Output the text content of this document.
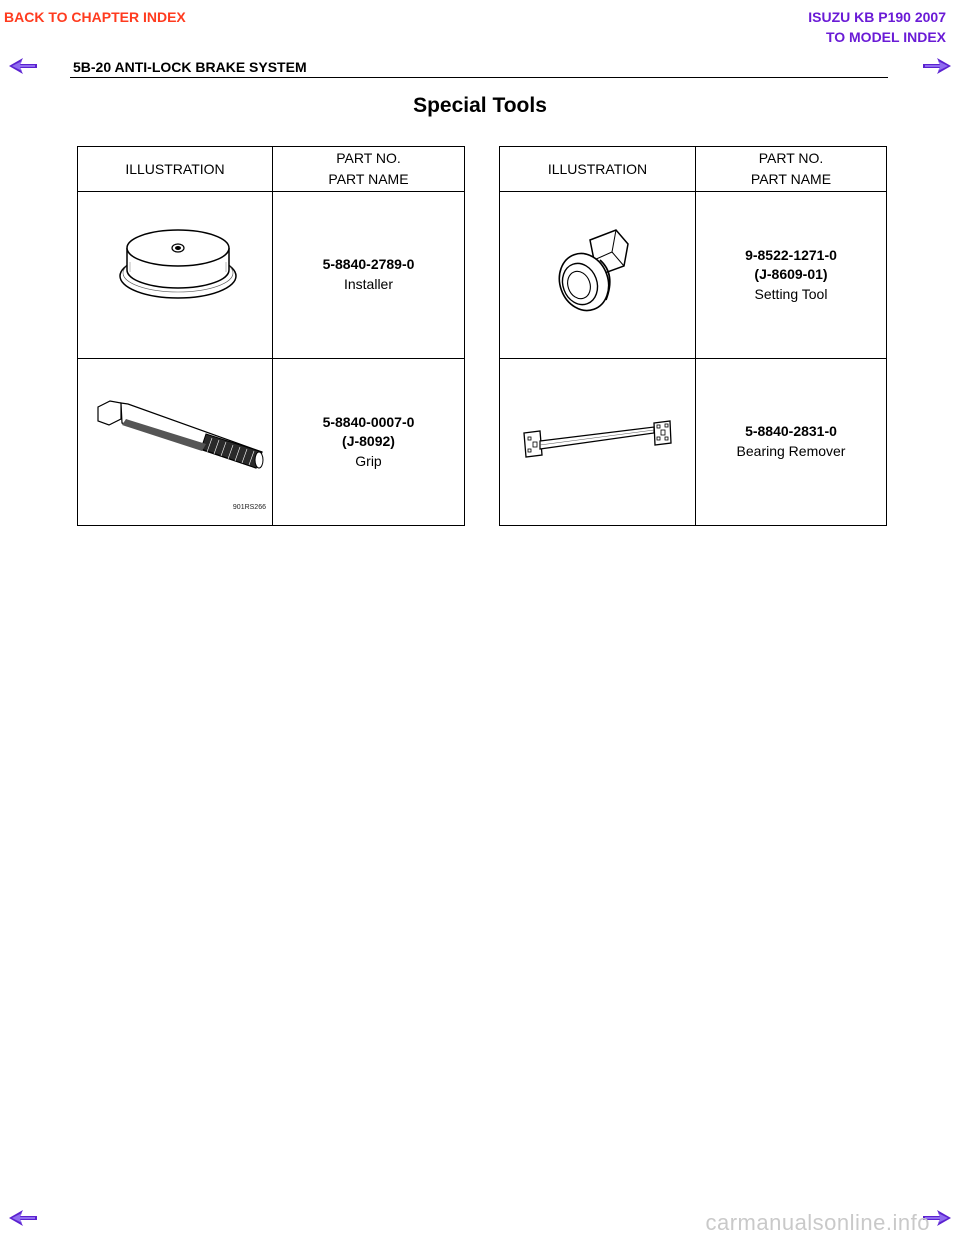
BACK TO CHAPTER INDEX	ISUZU KB P190 2007
TO MODEL INDEX
5B-20 ANTI-LOCK BRAKE SYSTEM
Special Tools
ILLUSTRATION	PART NO.
PART NAME

5-8840-2789-0
Installer

901RS266	5-8840-0007-0
(J-8092)
Grip
ILLUSTRATION	PART NO.
PART NAME

9-8522-1271-0
(J-8609-01)
Setting Tool

5-8840-2831-0
Bearing Remover
carmanualsonline.info
